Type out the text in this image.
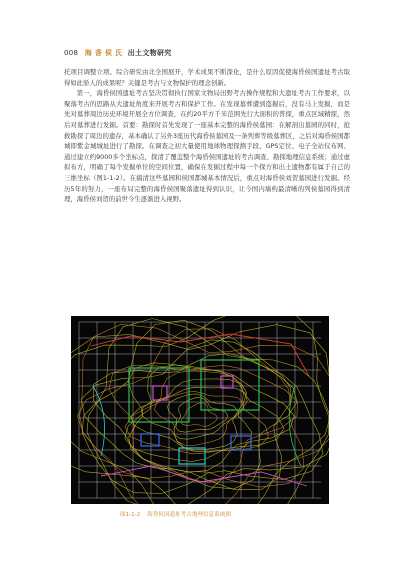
008 海 香 侯 氏 出土文物研究

托项目调整立项。综合研究由北全国展开，学术成果不断深化，是什么原因促使海昏侯国遗址考古取得如此骄人的成果呢？关键是考古与文物保护的理念创新。

第一，海昏侯国遗址考古坚决贯彻执行国家文物局田野考古操作规程和大遗址考古工作要求，以聚落考古的思路从大遗址角度来开展考古和保护工作。在发现墓葬遭到盗掘后，没有马上发掘，而是先对墓葬周边历史环境开展全方位调查，在约20平方千米范围先行大面积的普探，重点区域精探，然后对墓葬进行发掘。首要：勘探时首先发现了一座基本完整的海昏侯墓园：在解剖出墓园的同时，抢救勘探了周边的遗存，基本确认了另外3座历代海昏侯墓园及一条列葬等级墓葬区，之后对海昏侯国都城即紫金城城址进行了勘探。在调查之初大量使用地球物理探测手段、GPS定位、电子全站仪布网、通过建立约9000多个坐标点，探清了覆盖整个海昏侯国遗址的考古调查、勘探地理信息系统；通过虚拟布方，明确了每个发掘单位的空间位置，确保在发掘过程中每一个探方和出土遗物都有属于自己的三维坐标（图1-1-2）。在搞清这些墓园和侯国都城基本情况后，重点对海昏侯刘贺墓园进行发掘。经历5年的努力，一座布局完整的海昏侯国聚落遗址得到认识，让今国内墙构最清晰的列侯墓园得到清理，海昏侯刘贺的前世今生逐渐进入视野。

图1-1-2 海昏侯国遗址考古地理信息系统图
